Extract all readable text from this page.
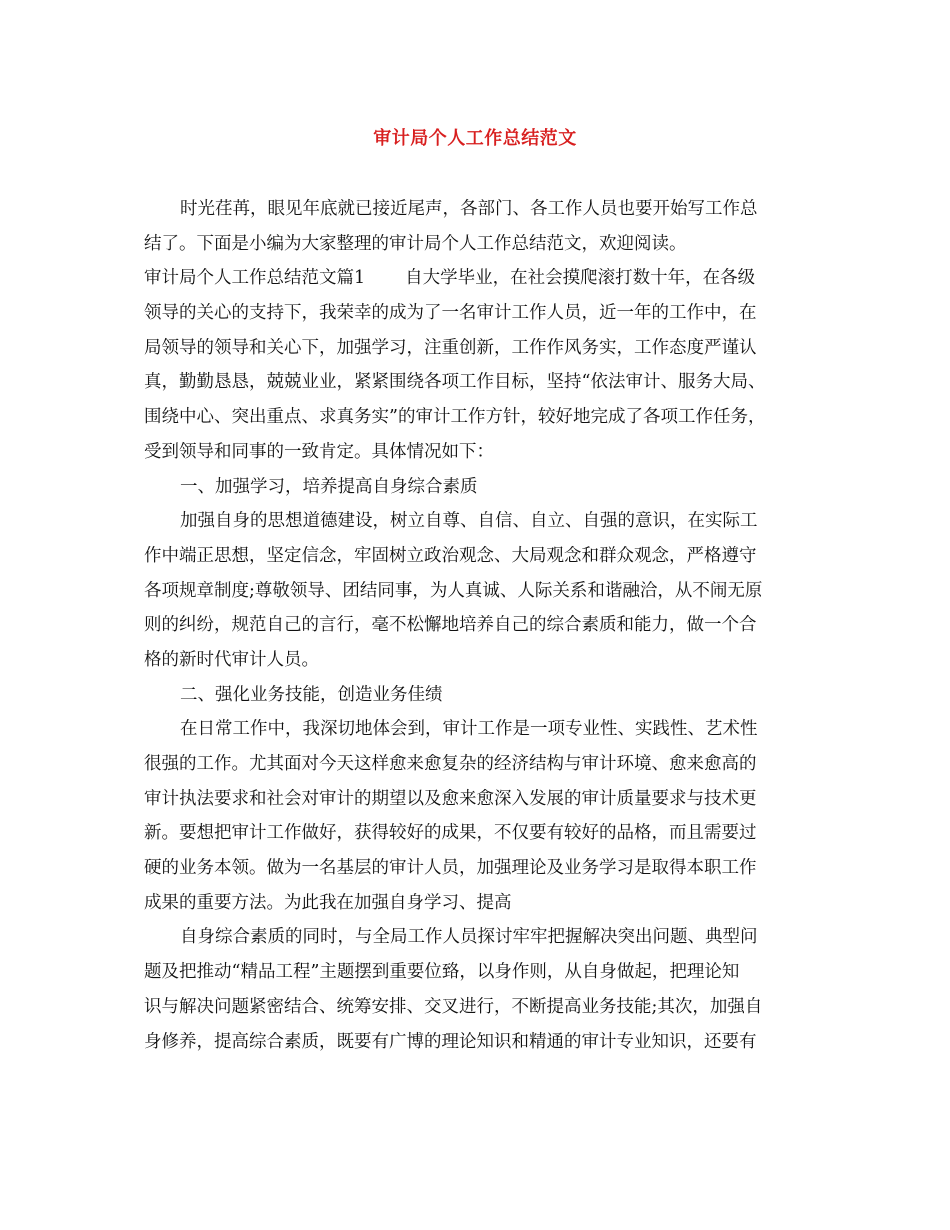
审计局个人工作总结范文
时光荏苒，眼见年底就已接近尾声，各部门、各工作人员也要开始写工作总
结了。下面是小编为大家整理的审计局个人工作总结范文，欢迎阅读。
审计局个人工作总结范文篇1 自大学毕业，在社会摸爬滚打数十年，在各级
领导的关心的支持下，我荣幸的成为了一名审计工作人员，近一年的工作中，在
局领导的领导和关心下，加强学习，注重创新，工作作风务实，工作态度严谨认
真，勤勤恳恳，兢兢业业，紧紧围绕各项工作目标，坚持“依法审计、服务大局、
围绕中心、突出重点、求真务实”的审计工作方针，较好地完成了各项工作任务，
受到领导和同事的一致肯定。具体情况如下：
一、加强学习，培养提高自身综合素质
加强自身的思想道德建设，树立自尊、自信、自立、自强的意识，在实际工
作中端正思想，坚定信念，牢固树立政治观念、大局观念和群众观念，严格遵守
各项规章制度;尊敬领导、团结同事，为人真诚、人际关系和谐融洽，从不闹无原
则的纠纷，规范自己的言行，毫不松懈地培养自己的综合素质和能力，做一个合
格的新时代审计人员。
二、强化业务技能，创造业务佳绩
在日常工作中，我深切地体会到，审计工作是一项专业性、实践性、艺术性
很强的工作。尤其面对今天这样愈来愈复杂的经济结构与审计环境、愈来愈高的
审计执法要求和社会对审计的期望以及愈来愈深入发展的审计质量要求与技术更
新。要想把审计工作做好，获得较好的成果，不仅要有较好的品格，而且需要过
硬的业务本领。做为一名基层的审计人员，加强理论及业务学习是取得本职工作
成果的重要方法。为此我在加强自身学习、提高
自身综合素质的同时，与全局工作人员探讨牢牢把握解决突出问题、典型问
题及把推动“精品工程”主题摆到重要位臵，以身作则，从自身做起，把理论知
识与解决问题紧密结合、统筹安排、交叉进行，不断提高业务技能;其次，加强自
身修养，提高综合素质，既要有广博的理论知识和精通的审计专业知识，还要有
